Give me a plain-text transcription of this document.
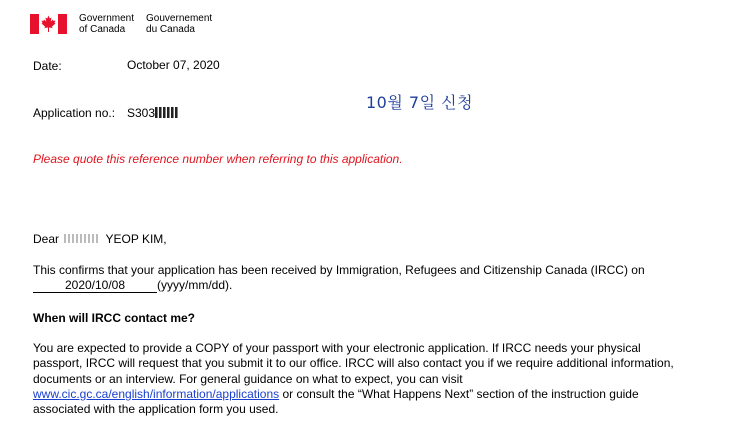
Government
of Canada
Gouvernement
du Canada
Date:	October 07, 2020
Application no.: S303
10월 7일 신청
Please quote this reference number when referring to this application.
Dear	YEOP KIM,
This confirms that your application has been received by Immigration, Refugees and Citizenship Canada (IRCC) on
2020/10/08	(yyyy/mm/dd).
When will IRCC contact me?
You are expected to provide a COPY of your passport with your electronic application. If IRCC needs your physical
passport, IRCC will request that you submit it to our office. IRCC will also contact you if we require additional information,
documents or an interview. For general guidance on what to expect, you can visit
www.cic.gc.ca/english/information/applications or consult the “What Happens Next” section of the instruction guide
associated with the application form you used.
